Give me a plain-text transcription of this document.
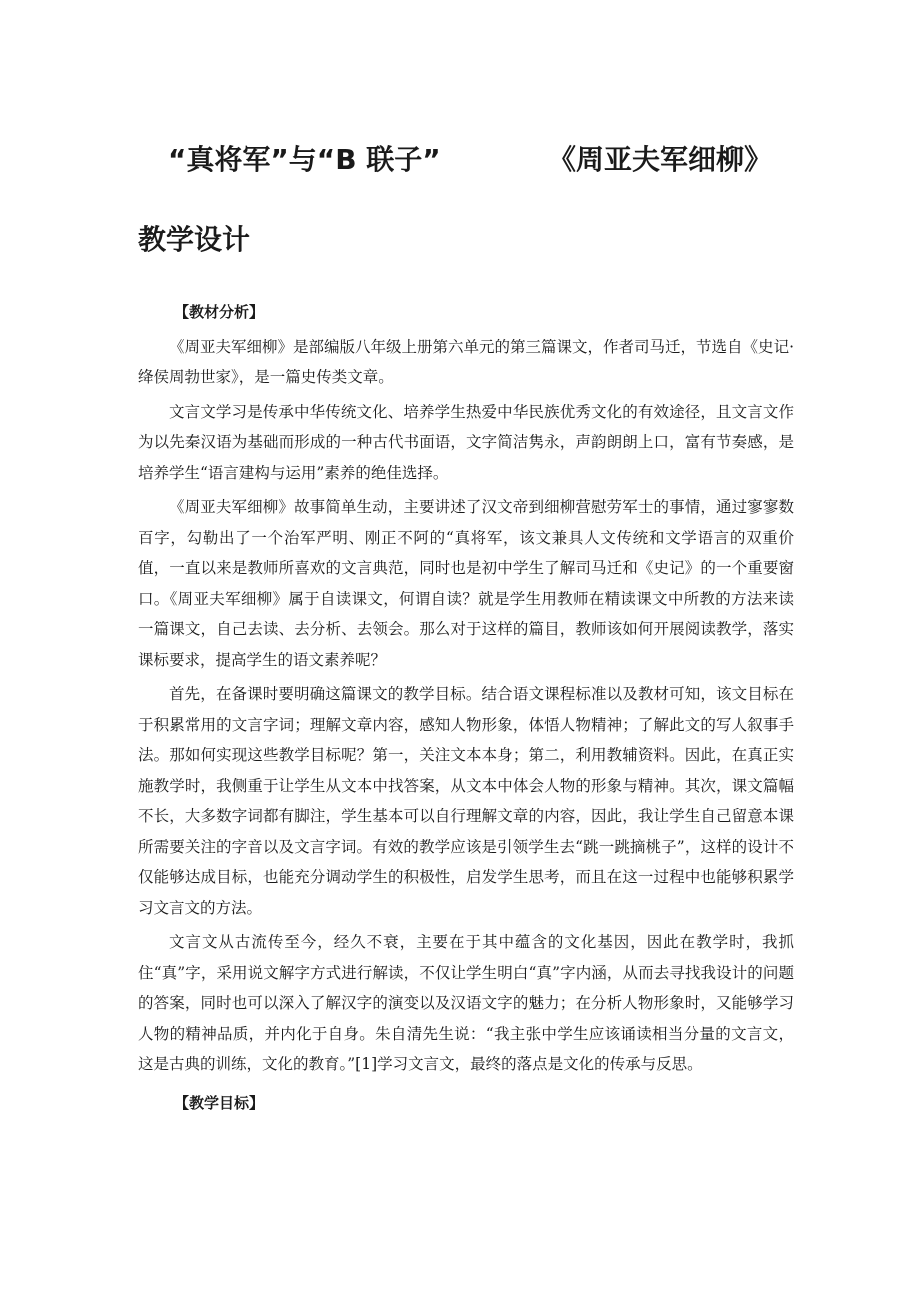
“真将军”与“B 联子”	《周亚夫军细柳》
教学设计
【教材分析】

《周亚夫军细柳》是部编版八年级上册第六单元的第三篇课文，作者司马迁，节选自《史记·绛侯周勃世家》，是一篇史传类文章。

文言文学习是传承中华传统文化、培养学生热爱中华民族优秀文化的有效途径，且文言文作为以先秦汉语为基础而形成的一种古代书面语，文字简洁隽永，声韵朗朗上口，富有节奏感，是培养学生“语言建构与运用”素养的绝佳选择。

《周亚夫军细柳》故事简单生动，主要讲述了汉文帝到细柳营慰劳军士的事情，通过寥寥数百字，勾勒出了一个治军严明、刚正不阿的“真将军，该文兼具人文传统和文学语言的双重价值，一直以来是教师所喜欢的文言典范，同时也是初中学生了解司马迁和《史记》的一个重要窗口。《周亚夫军细柳》属于自读课文，何谓自读？就是学生用教师在精读课文中所教的方法来读一篇课文，自己去读、去分析、去领会。那么对于这样的篇目，教师该如何开展阅读教学，落实课标要求，提高学生的语文素养呢？

首先，在备课时要明确这篇课文的教学目标。结合语文课程标准以及教材可知，该文目标在于积累常用的文言字词；理解文章内容，感知人物形象，体悟人物精神；了解此文的写人叙事手法。那如何实现这些教学目标呢？第一，关注文本本身；第二，利用教辅资料。因此，在真正实施教学时，我侧重于让学生从文本中找答案，从文本中体会人物的形象与精神。其次，课文篇幅不长，大多数字词都有脚注，学生基本可以自行理解文章的内容，因此，我让学生自己留意本课所需要关注的字音以及文言字词。有效的教学应该是引领学生去“跳一跳摘桃子”，这样的设计不仅能够达成目标，也能充分调动学生的积极性，启发学生思考，而且在这一过程中也能够积累学习文言文的方法。

文言文从古流传至今，经久不衰，主要在于其中蕴含的文化基因，因此在教学时，我抓住“真”字，采用说文解字方式进行解读，不仅让学生明白“真”字内涵，从而去寻找我设计的问题的答案，同时也可以深入了解汉字的演变以及汉语文字的魅力；在分析人物形象时，又能够学习人物的精神品质，并内化于自身。朱自清先生说：“我主张中学生应该诵读相当分量的文言文，这是古典的训练，文化的教育。”[1]学习文言文，最终的落点是文化的传承与反思。

【教学目标】
